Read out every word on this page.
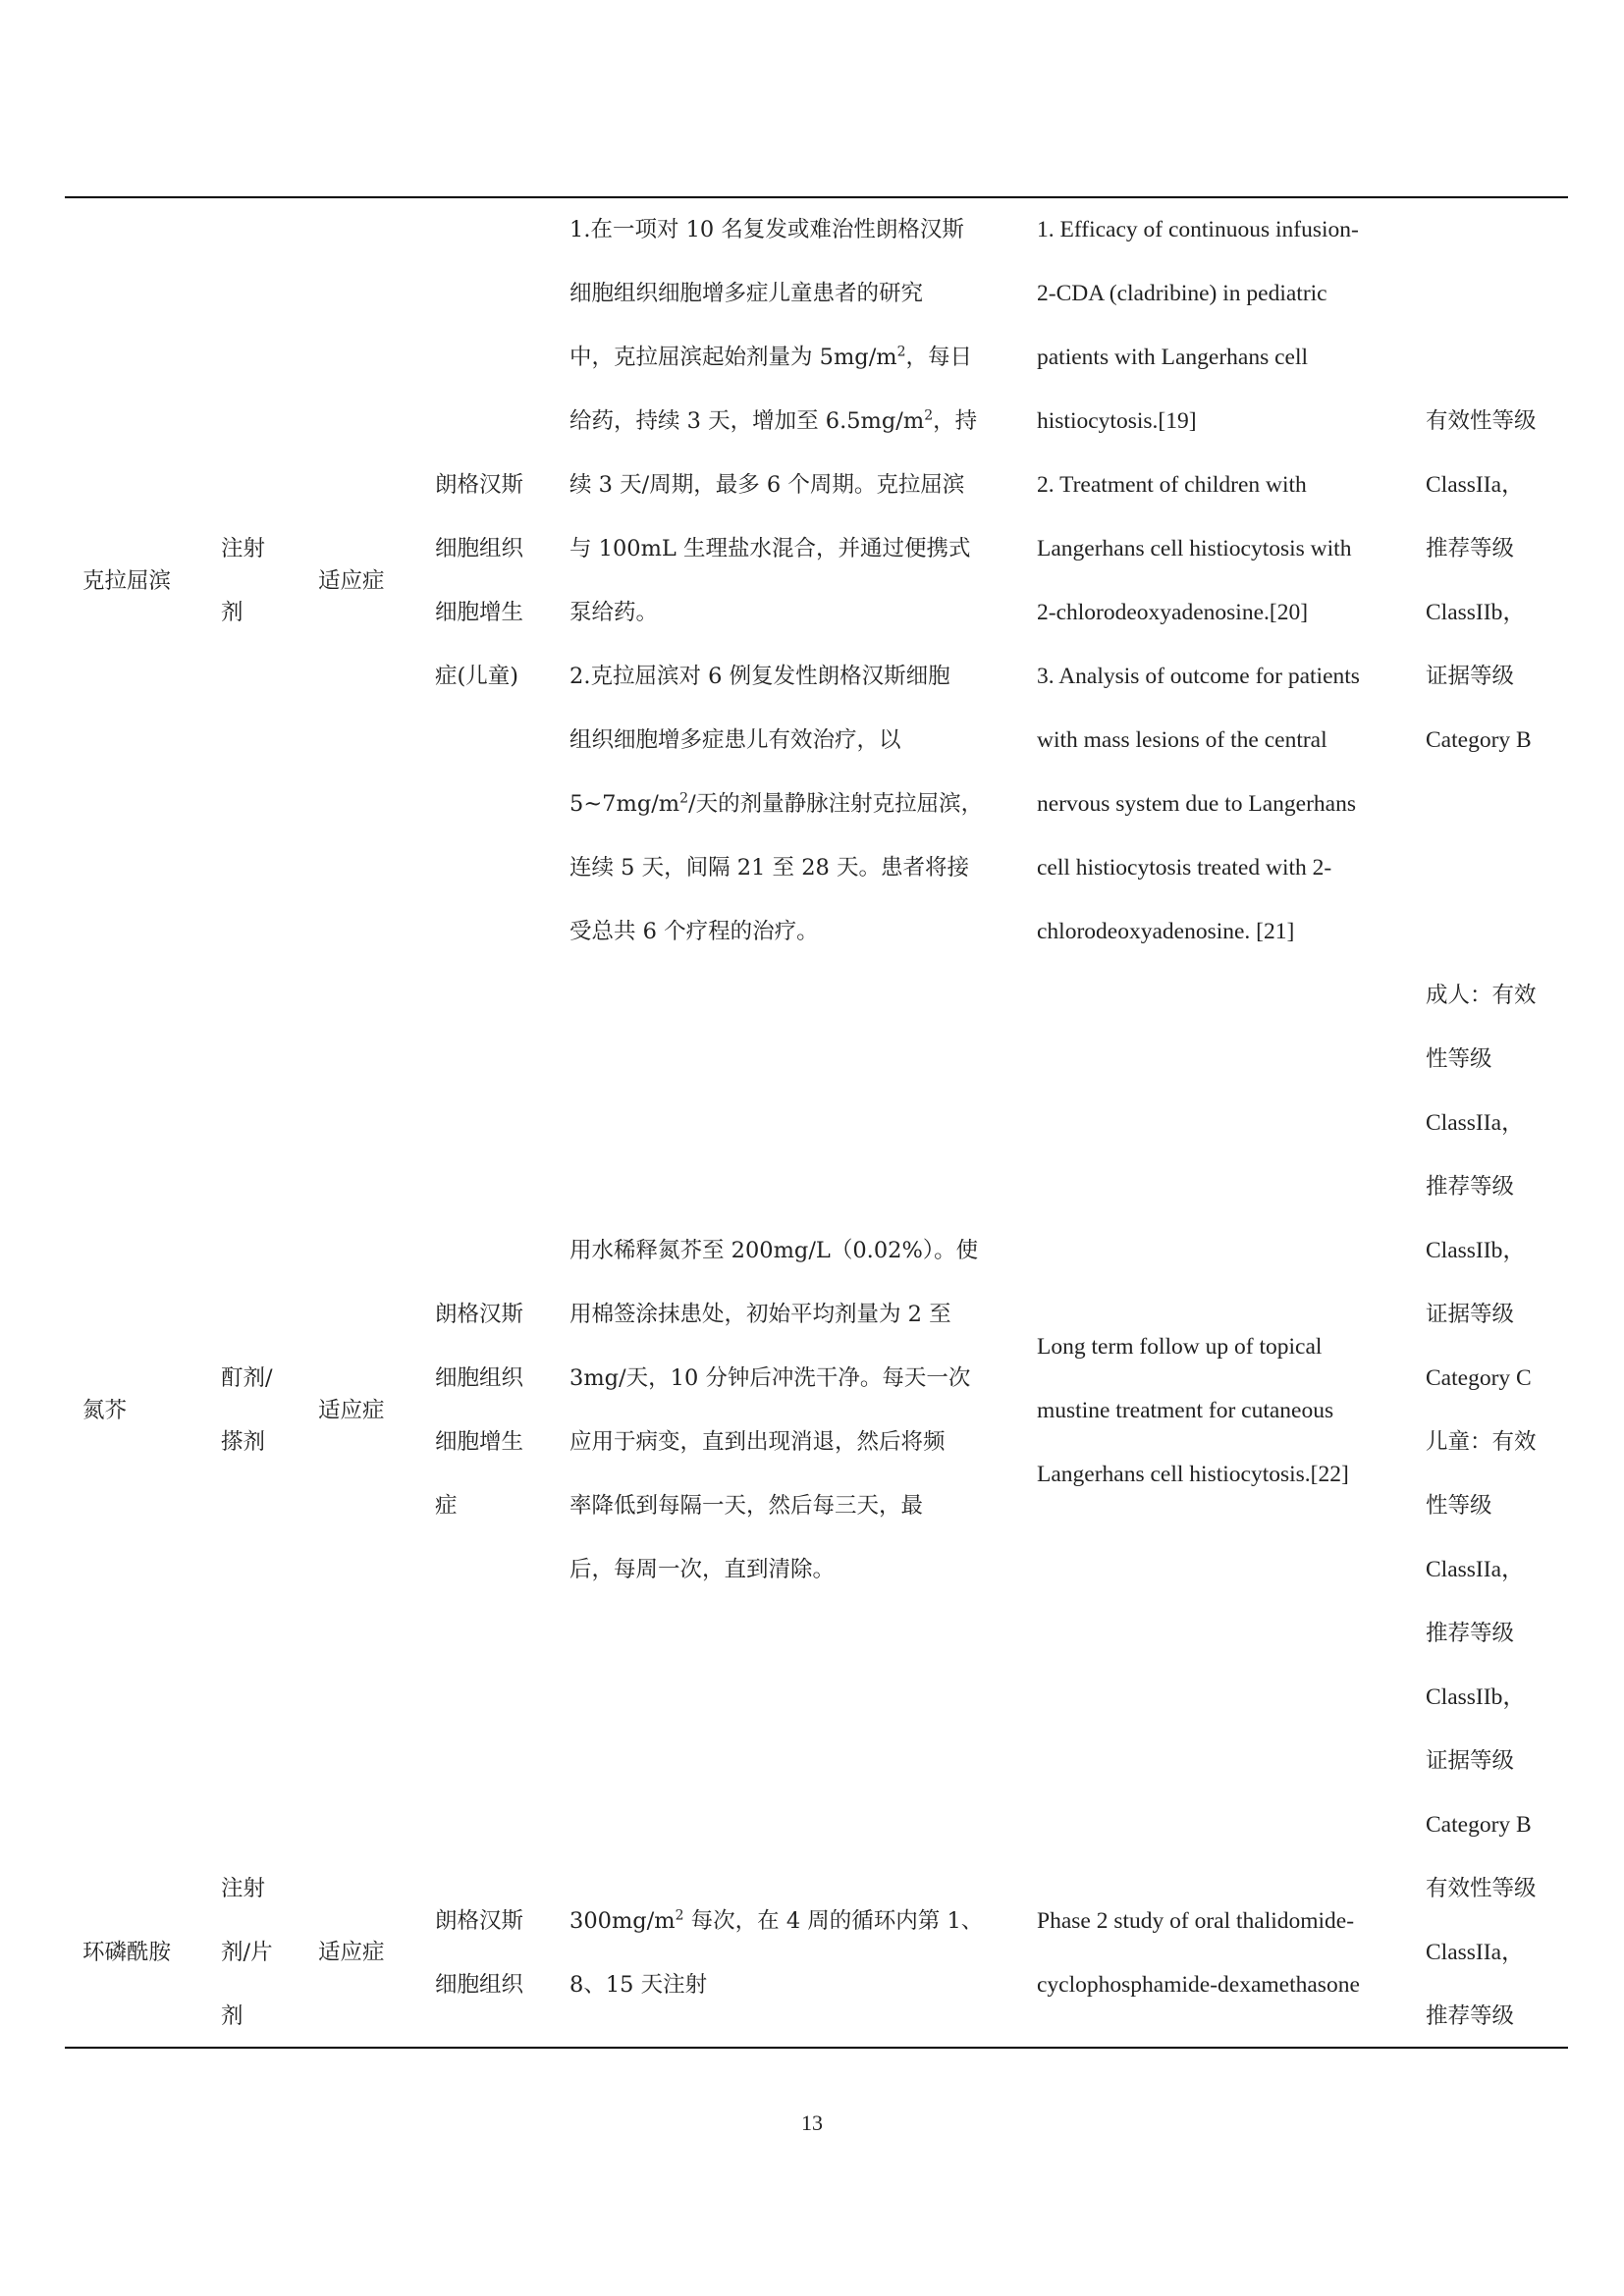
克拉屈滨
注射
剂
适应症
朗格汉斯
细胞组织
细胞增生
症(儿童)
1.在一项对 10 名复发或难治性朗格汉斯
细胞组织细胞增多症儿童患者的研究
中，克拉屈滨起始剂量为 $5mg/m^2$，每日
给药，持续 3 天，增加至 $6.5mg/m^2$，持
续 3 天/周期，最多 6 个周期。克拉屈滨
与 100mL 生理盐水混合，并通过便携式
泵给药。
2.克拉屈滨对 6 例复发性朗格汉斯细胞
组织细胞增多症患儿有效治疗，以
$5\sim 7mg/m^2/$天的剂量静脉注射克拉屈滨，
连续 5 天，间隔 21 至 28 天。患者将接
受总共 6 个疗程的治疗。
1. Efficacy of continuous infusion-
2-CDA (cladribine) in pediatric
patients with Langerhans cell
histiocytosis.[19]
2. Treatment of children with
Langerhans cell histiocytosis with
2-chlorodeoxyadenosine.[20]
3. Analysis of outcome for patients
with mass lesions of the central
nervous system due to Langerhans
cell histiocytosis treated with 2-
chlorodeoxyadenosine. [21]
有效性等级
ClassIIa，
推荐等级
ClassIIb，
证据等级
Category B
氮芥
酊剂/
搽剂
适应症
朗格汉斯
细胞组织
细胞增生
症
用水稀释氮芥至 200mg/L（0.02%）。使
用棉签涂抹患处，初始平均剂量为 2 至
3mg/天，10 分钟后冲洗干净。每天一次
应用于病变，直到出现消退，然后将频
率降低到每隔一天，然后每三天，最
后，每周一次，直到清除。
Long term follow up of topical
mustine treatment for cutaneous
Langerhans cell histiocytosis.[22]
成人：有效
性等级
ClassIIa，
推荐等级
ClassIIb，
证据等级
Category C
儿童：有效
性等级
ClassIIa，
推荐等级
ClassIIb，
证据等级
Category B
环磷酰胺
注射
剂/片
剂
适应症
朗格汉斯
细胞组织
$300mg/m^2$ 每次，在 4 周的循环内第 1、
8、15 天注射
Phase 2 study of oral thalidomide-
cyclophosphamide-dexamethasone
有效性等级
ClassIIa，
推荐等级
13
